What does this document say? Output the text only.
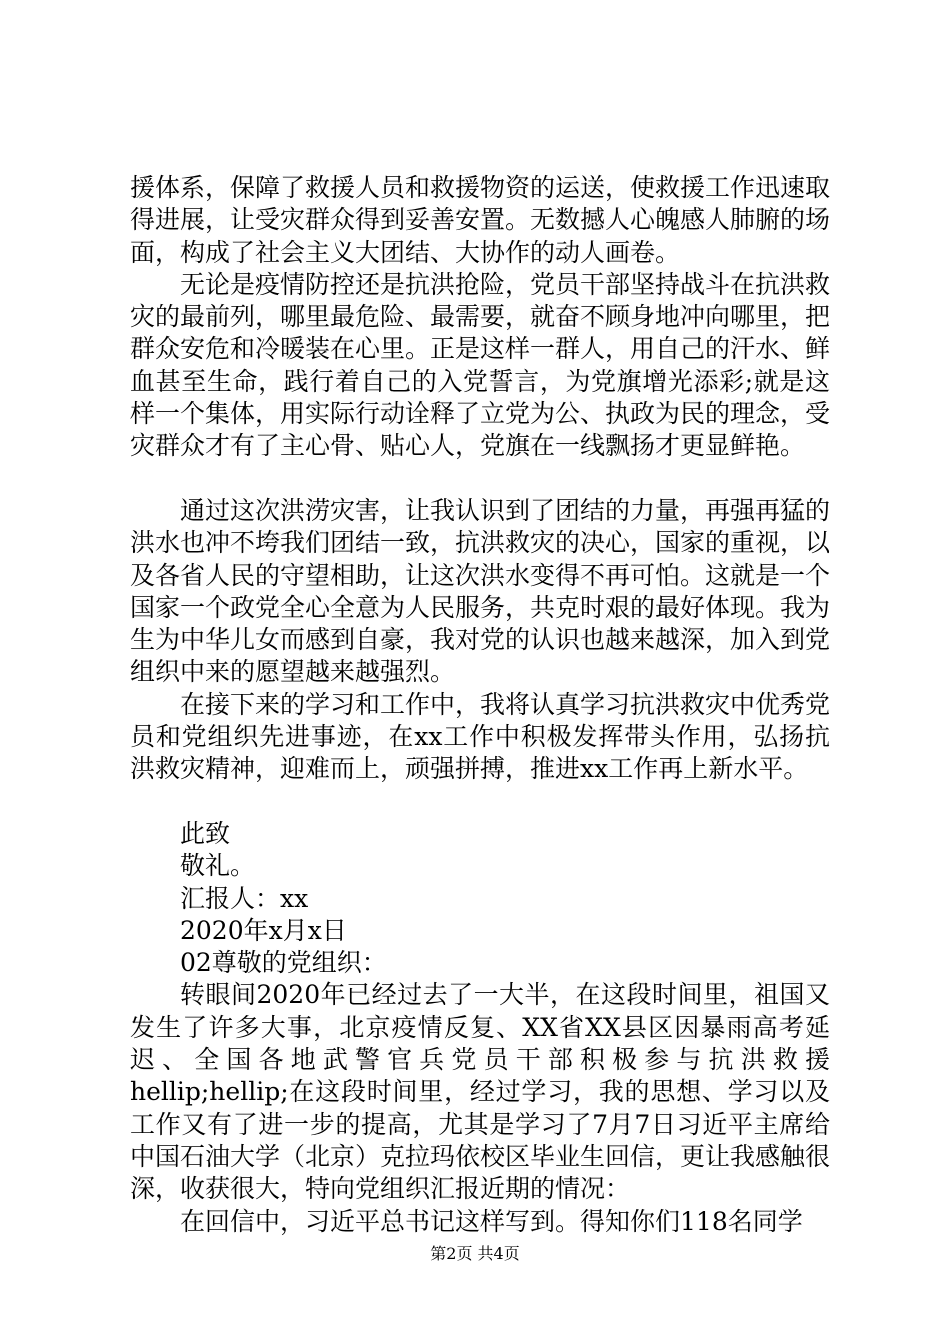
援体系，保障了救援人员和救援物资的运送，使救援工作迅速取得进展，让受灾群众得到妥善安置。无数撼人心魄感人肺腑的场面，构成了社会主义大团结、大协作的动人画卷。

无论是疫情防控还是抗洪抢险，党员干部坚持战斗在抗洪救灾的最前列，哪里最危险、最需要，就奋不顾身地冲向哪里，把群众安危和冷暖装在心里。正是这样一群人，用自己的汗水、鲜血甚至生命，践行着自己的入党誓言，为党旗增光添彩;就是这样一个集体，用实际行动诠释了立党为公、执政为民的理念，受灾群众才有了主心骨、贴心人，党旗在一线飘扬才更显鲜艳。

通过这次洪涝灾害，让我认识到了团结的力量，再强再猛的洪水也冲不垮我们团结一致，抗洪救灾的决心，国家的重视，以及各省人民的守望相助，让这次洪水变得不再可怕。这就是一个国家一个政党全心全意为人民服务，共克时艰的最好体现。我为生为中华儿女而感到自豪，我对党的认识也越来越深，加入到党组织中来的愿望越来越强烈。

在接下来的学习和工作中，我将认真学习抗洪救灾中优秀党员和党组织先进事迹，在xx工作中积极发挥带头作用，弘扬抗洪救灾精神，迎难而上，顽强拼搏，推进xx工作再上新水平。

此致

敬礼。

汇报人：xx

2020年x月x日

02尊敬的党组织：

转眼间2020年已经过去了一大半，在这段时间里，祖国又发生了许多大事，北京疫情反复、XX省XX县区因暴雨高考延迟、全国各地武警官兵党员干部积极参与抗洪救援hellip;hellip;在这段时间里，经过学习，我的思想、学习以及工作又有了进一步的提高，尤其是学习了7月7日习近平主席给中国石油大学（北京）克拉玛依校区毕业生回信，更让我感触很深，收获很大，特向党组织汇报近期的情况：

在回信中，习近平总书记这样写到。得知你们118名同学

第2页 共4页
